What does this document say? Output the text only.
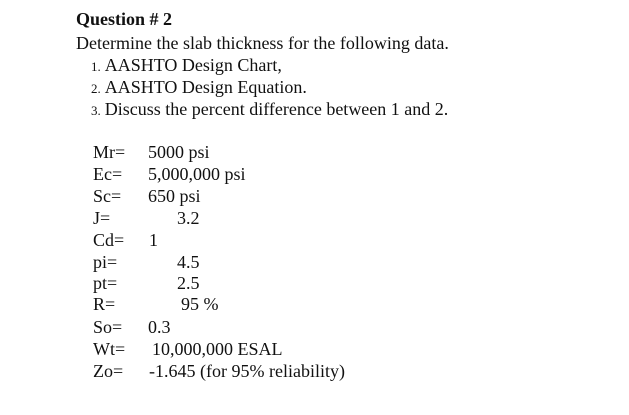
Question # 2
Determine the slab thickness for the following data.
1. AASHTO Design Chart,
2. AASHTO Design Equation.
3. Discuss the percent difference between 1 and 2.
Mr= 5000 psi
Ec= 5,000,000 psi
Sc= 650 psi
J=	3.2
Cd= 1
pi=	4.5
pt=	2.5
R=	95 %
So= 0.3
Wt= 10,000,000 ESAL
Zo= -1.645 (for 95% reliability)
